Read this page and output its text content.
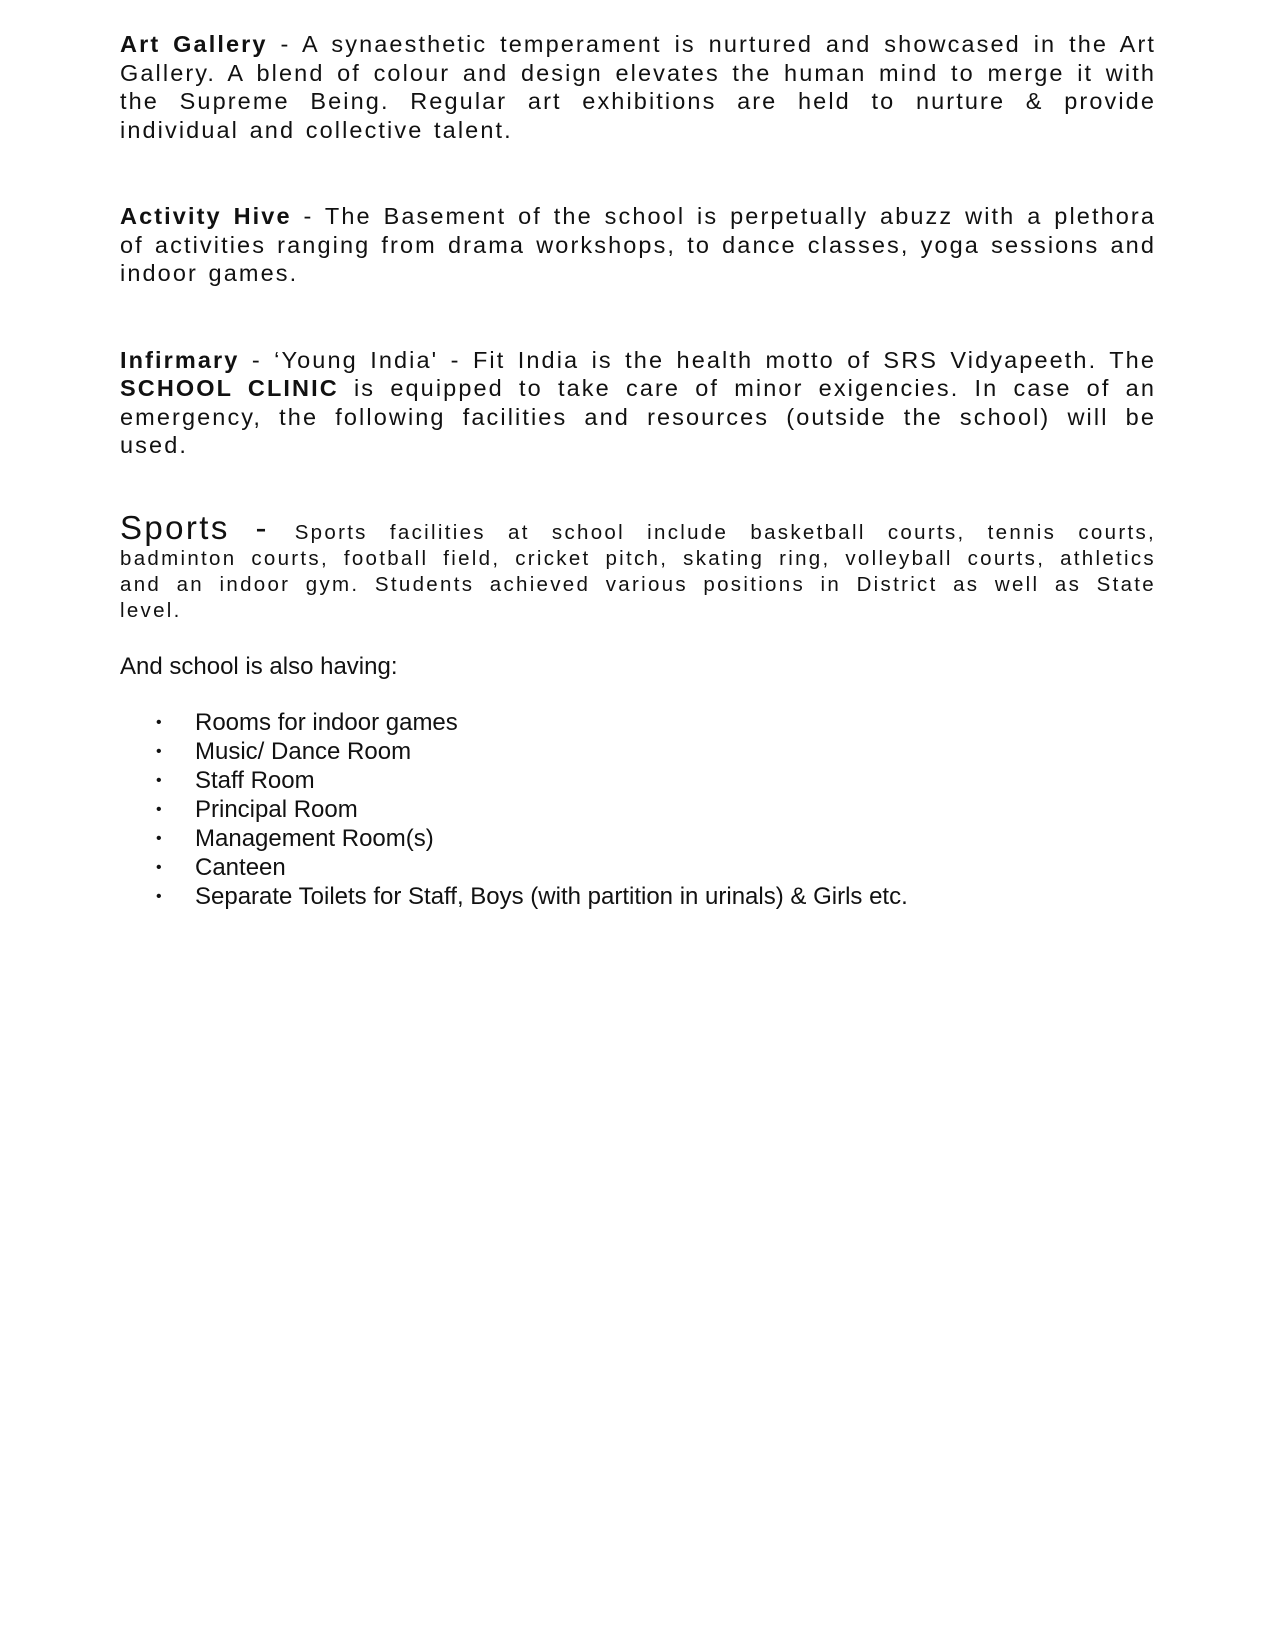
Art Gallery - A synaesthetic temperament is nurtured and showcased in the Art Gallery. A blend of colour and design elevates the human mind to merge it with the Supreme Being. Regular art exhibitions are held to nurture & provide individual and collective talent.

Activity Hive - The Basement of the school is perpetually abuzz with a plethora of activities ranging from drama workshops, to dance classes, yoga sessions and indoor games.

Infirmary - ‘Young India' - Fit India is the health motto of SRS Vidyapeeth. The SCHOOL CLINIC is equipped to take care of minor exigencies. In case of an emergency, the following facilities and resources (outside the school) will be used.

Sports - Sports facilities at school include basketball courts, tennis courts, badminton courts, football field, cricket pitch, skating ring, volleyball courts, athletics and an indoor gym. Students achieved various positions in District as well as State level.

And school is also having:

• Rooms for indoor games
• Music/ Dance Room
• Staff Room
• Principal Room
• Management Room(s)
• Canteen
• Separate Toilets for Staff, Boys (with partition in urinals) & Girls etc.
